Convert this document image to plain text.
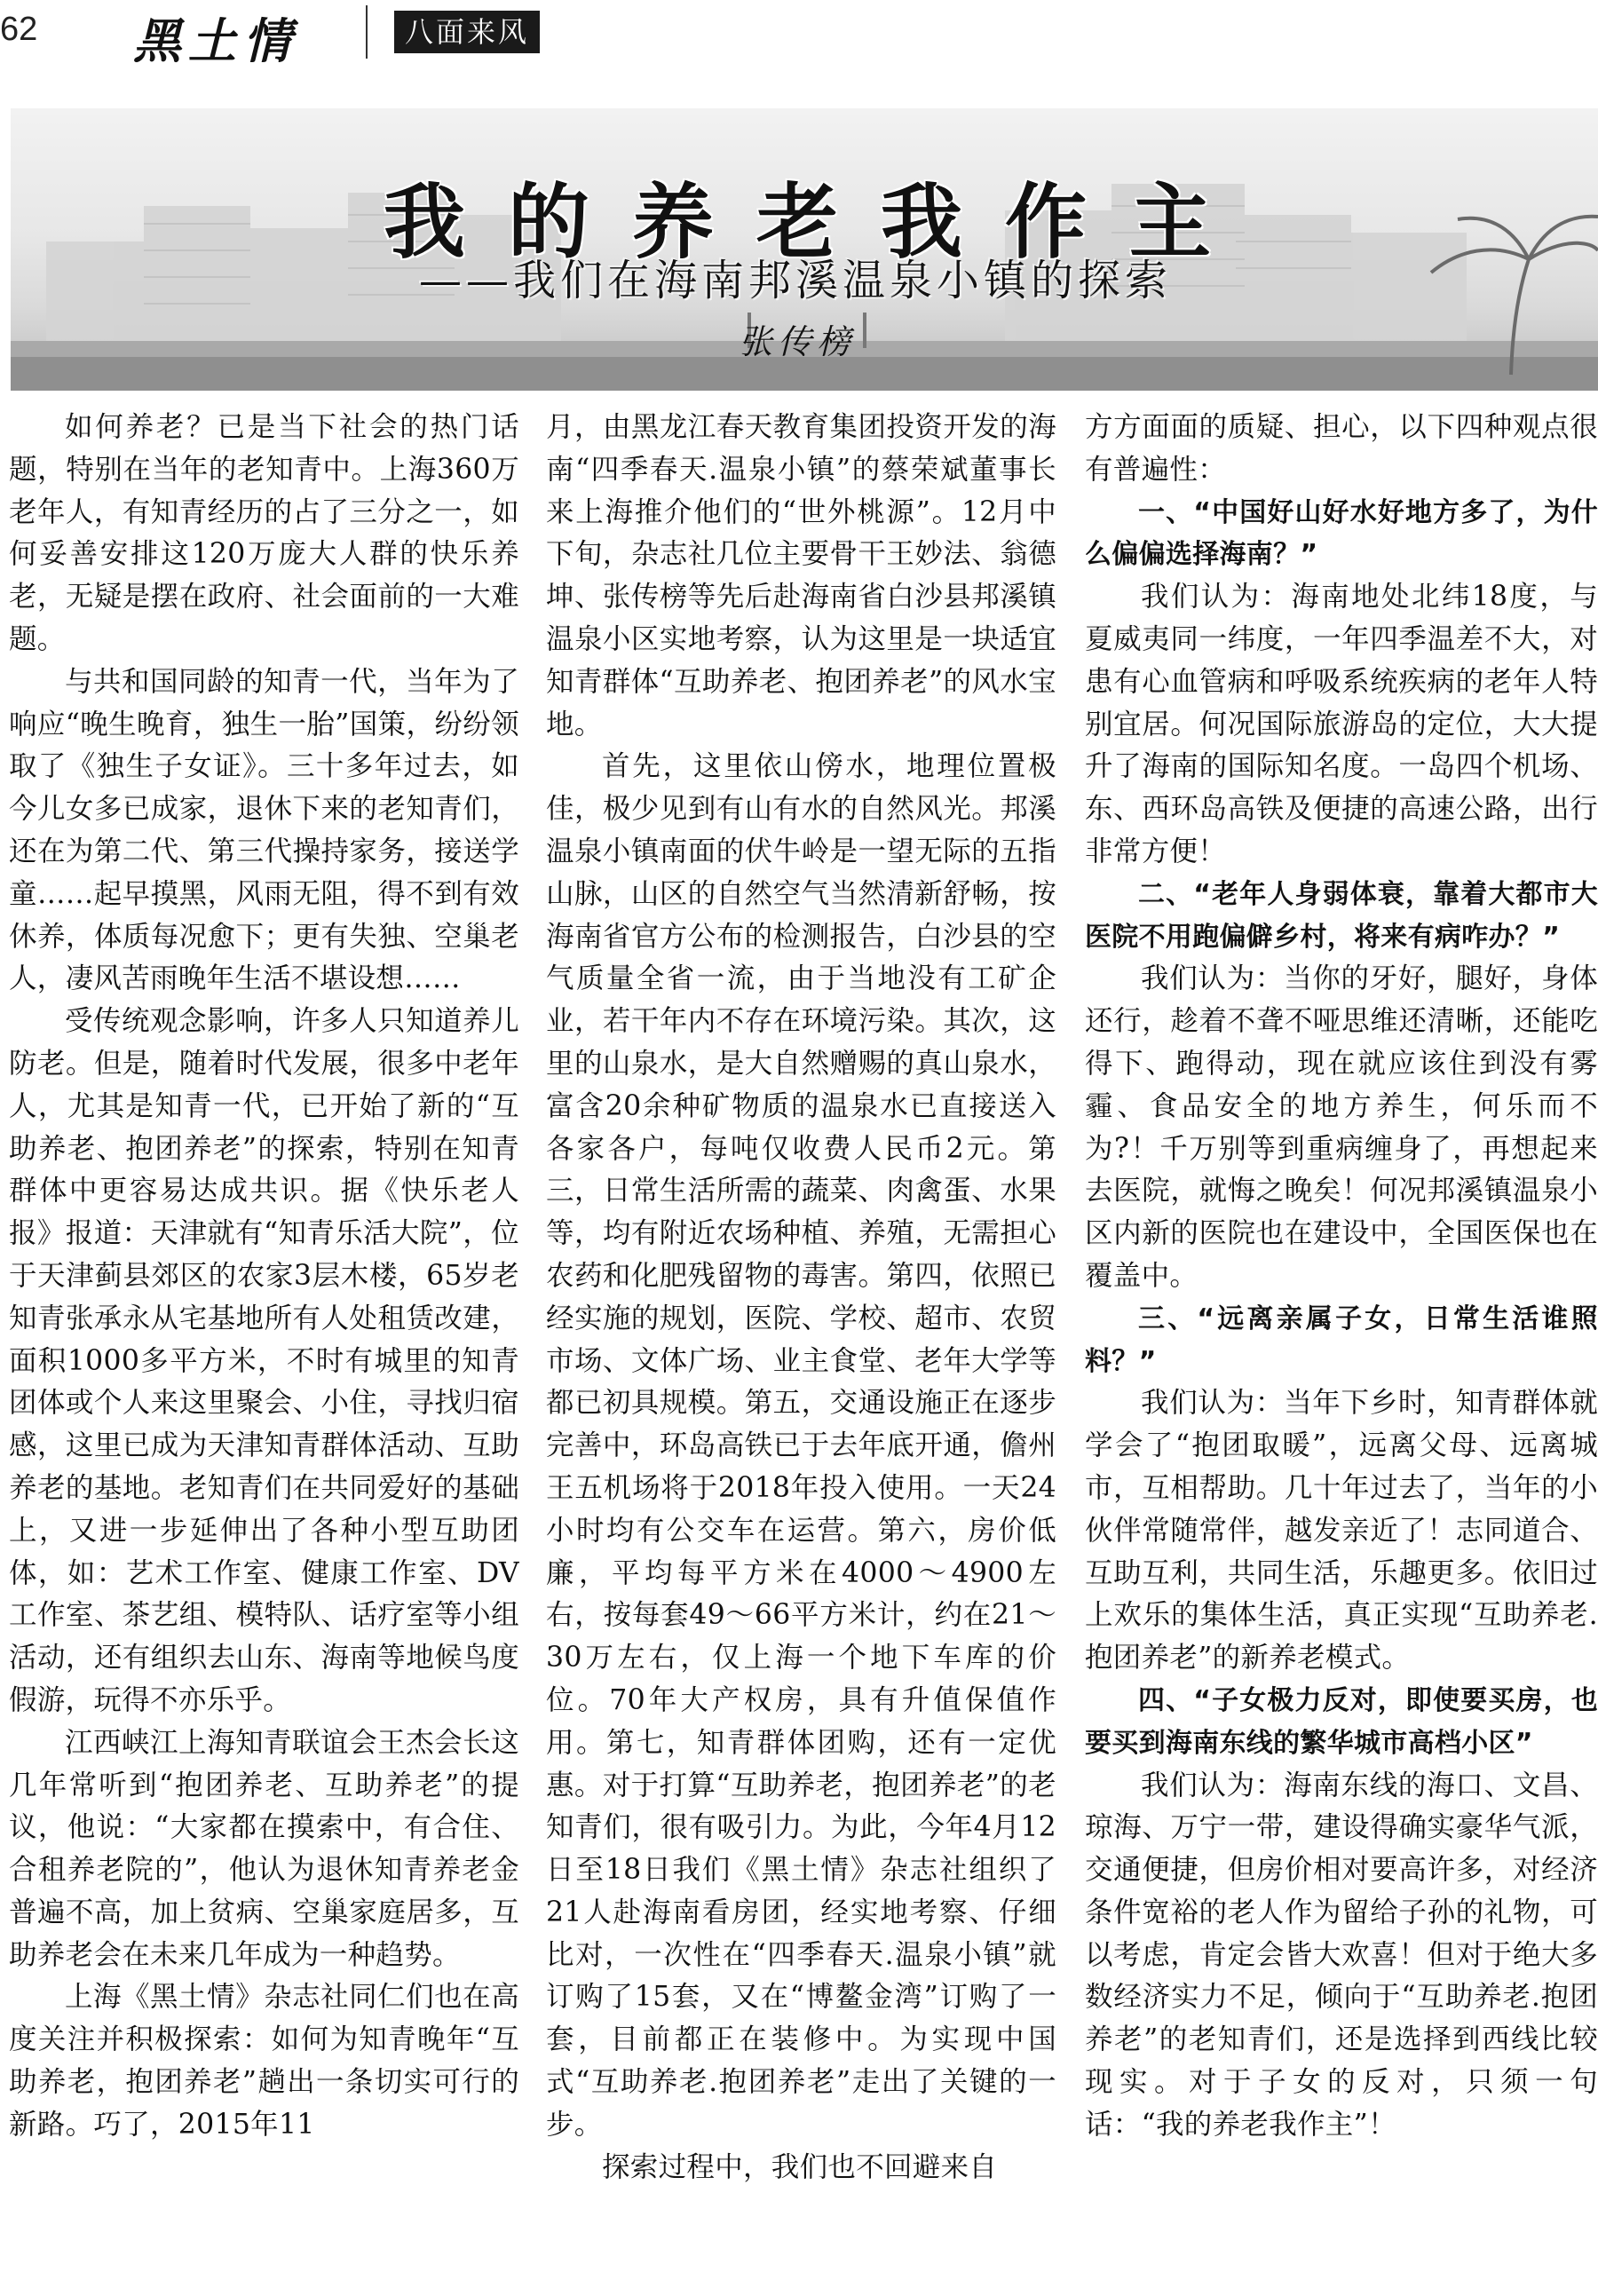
62 黑土情	八面来风
我的养老我作主
——我们在海南邦溪温泉小镇的探索
张传榜

如何养老？已是当下社会的热门话题，特别在当年的老知青中。上海360万老年人，有知青经历的占了三分之一，如何妥善安排这120万庞大人群的快乐养老，无疑是摆在政府、社会面前的一大难题。

与共和国同龄的知青一代，当年为了响应“晚生晚育，独生一胎”国策，纷纷领取了《独生子女证》。三十多年过去，如今儿女多已成家，退休下来的老知青们，还在为第二代、第三代操持家务，接送学童……起早摸黑，风雨无阻，得不到有效休养，体质每况愈下；更有失独、空巢老人，凄风苦雨晚年生活不堪设想……

受传统观念影响，许多人只知道养儿防老。但是，随着时代发展，很多中老年人，尤其是知青一代，已开始了新的“互助养老、抱团养老”的探索，特别在知青群体中更容易达成共识。据《快乐老人报》报道：天津就有“知青乐活大院”，位于天津蓟县郊区的农家3层木楼，65岁老知青张承永从宅基地所有人处租赁改建，面积1000多平方米，不时有城里的知青团体或个人来这里聚会、小住，寻找归宿感，这里已成为天津知青群体活动、互助养老的基地。老知青们在共同爱好的基础上，又进一步延伸出了各种小型互助团体，如：艺术工作室、健康工作室、DV工作室、茶艺组、模特队、话疗室等小组活动，还有组织去山东、海南等地候鸟度假游，玩得不亦乐乎。

江西峡江上海知青联谊会王杰会长这几年常听到“抱团养老、互助养老”的提议，他说：“大家都在摸索中，有合住、合租养老院的”，他认为退休知青养老金普遍不高，加上贫病、空巢家庭居多，互助养老会在未来几年成为一种趋势。

上海《黑土情》杂志社同仁们也在高度关注并积极探索：如何为知青晚年“互助养老，抱团养老”趟出一条切实可行的新路。巧了，2015年11

月，由黑龙江春天教育集团投资开发的海南“四季春天.温泉小镇”的蔡荣斌董事长来上海推介他们的“世外桃源”。12月中下旬，杂志社几位主要骨干王妙法、翁德坤、张传榜等先后赴海南省白沙县邦溪镇温泉小区实地考察，认为这里是一块适宜知青群体“互助养老、抱团养老”的风水宝地。

首先，这里依山傍水，地理位置极佳，极少见到有山有水的自然风光。邦溪温泉小镇南面的伏牛岭是一望无际的五指山脉，山区的自然空气当然清新舒畅，按海南省官方公布的检测报告，白沙县的空气质量全省一流，由于当地没有工矿企业，若干年内不存在环境污染。其次，这里的山泉水，是大自然赠赐的真山泉水，富含20余种矿物质的温泉水已直接送入各家各户，每吨仅收费人民币2元。第三，日常生活所需的蔬菜、肉禽蛋、水果等，均有附近农场种植、养殖，无需担心农药和化肥残留物的毒害。第四，依照已经实施的规划，医院、学校、超市、农贸市场、文体广场、业主食堂、老年大学等都已初具规模。第五，交通设施正在逐步完善中，环岛高铁已于去年底开通，儋州王五机场将于2018年投入使用。一天24小时均有公交车在运营。第六，房价低廉，平均每平方米在4000～4900左右，按每套49～66平方米计，约在21～30万左右，仅上海一个地下车库的价位。70年大产权房，具有升值保值作用。第七，知青群体团购，还有一定优惠。对于打算“互助养老，抱团养老”的老知青们，很有吸引力。为此，今年4月12日至18日我们《黑土情》杂志社组织了21人赴海南看房团，经实地考察、仔细比对，一次性在“四季春天.温泉小镇”就订购了15套，又在“博鳌金湾”订购了一套，目前都正在装修中。为实现中国式“互助养老.抱团养老”走出了关键的一步。

探索过程中，我们也不回避来自

方方面面的质疑、担心，以下四种观点很有普遍性：

一、“中国好山好水好地方多了，为什么偏偏选择海南？”

我们认为：海南地处北纬18度，与夏威夷同一纬度，一年四季温差不大，对患有心血管病和呼吸系统疾病的老年人特别宜居。何况国际旅游岛的定位，大大提升了海南的国际知名度。一岛四个机场、东、西环岛高铁及便捷的高速公路，出行非常方便！

二、“老年人身弱体衰，靠着大都市大医院不用跑偏僻乡村，将来有病咋办？”

我们认为：当你的牙好，腿好，身体还行，趁着不聋不哑思维还清晰，还能吃得下、跑得动，现在就应该住到没有雾霾、食品安全的地方养生，何乐而不为?！千万别等到重病缠身了，再想起来去医院，就悔之晚矣！何况邦溪镇温泉小区内新的医院也在建设中，全国医保也在覆盖中。

三、“远离亲属子女，日常生活谁照料？”

我们认为：当年下乡时，知青群体就学会了“抱团取暖”，远离父母、远离城市，互相帮助。几十年过去了，当年的小伙伴常随常伴，越发亲近了！志同道合、互助互利，共同生活，乐趣更多。依旧过上欢乐的集体生活，真正实现“互助养老.抱团养老”的新养老模式。

四、“子女极力反对，即使要买房，也要买到海南东线的繁华城市高档小区”

我们认为：海南东线的海口、文昌、琼海、万宁一带，建设得确实豪华气派，交通便捷，但房价相对要高许多，对经济条件宽裕的老人作为留给子孙的礼物，可以考虑，肯定会皆大欢喜！但对于绝大多数经济实力不足，倾向于“互助养老.抱团养老”的老知青们，还是选择到西线比较现实。对于子女的反对，只须一句话：“我的养老我作主”！
